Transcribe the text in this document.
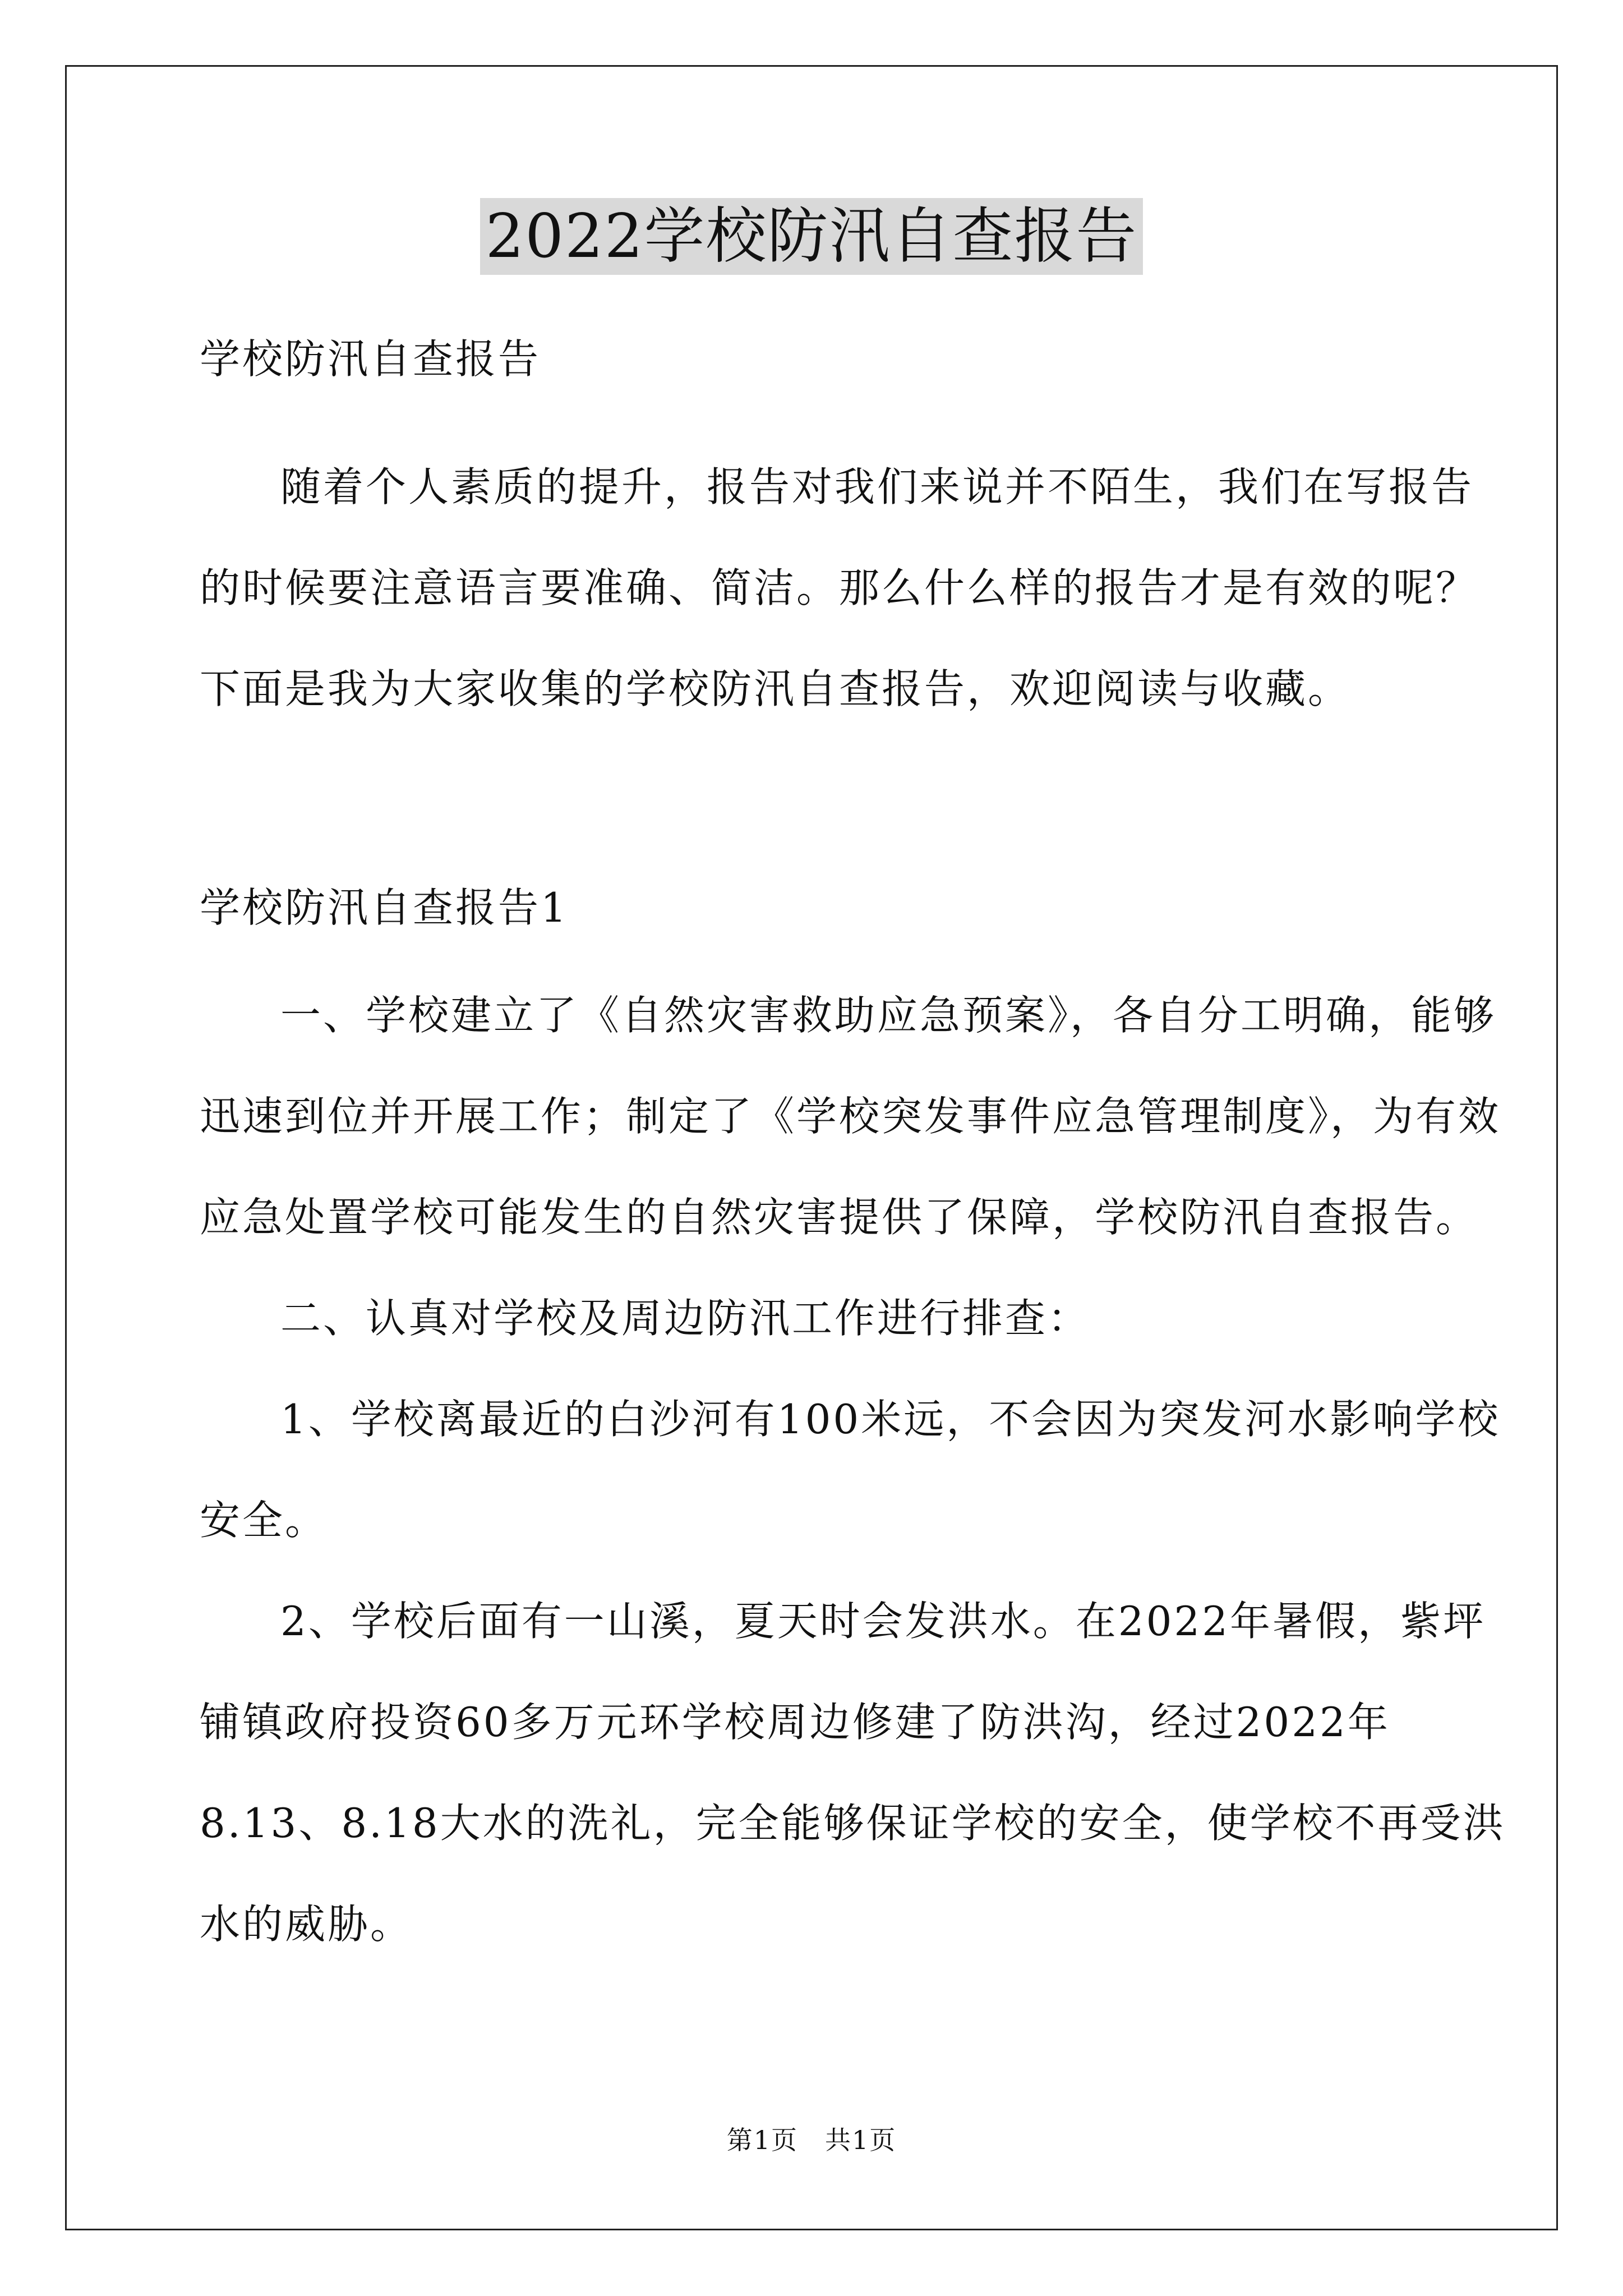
2022学校防汛自查报告
学校防汛自查报告
随着个人素质的提升，报告对我们来说并不陌生，我们在写报告
的时候要注意语言要准确、简洁。那么什么样的报告才是有效的呢？
下面是我为大家收集的学校防汛自查报告，欢迎阅读与收藏。
学校防汛自查报告1
一、学校建立了《自然灾害救助应急预案》，各自分工明确，能够
迅速到位并开展工作；制定了《学校突发事件应急管理制度》，为有效
应急处置学校可能发生的自然灾害提供了保障，学校防汛自查报告。
二、认真对学校及周边防汛工作进行排查：
1、学校离最近的白沙河有100米远，不会因为突发河水影响学校
安全。
2、学校后面有一山溪，夏天时会发洪水。在2022年暑假，紫坪
铺镇政府投资60多万元环学校周边修建了防洪沟，经过2022年
8.13、8.18大水的洗礼，完全能够保证学校的安全，使学校不再受洪
水的威胁。
第1页　共1页
